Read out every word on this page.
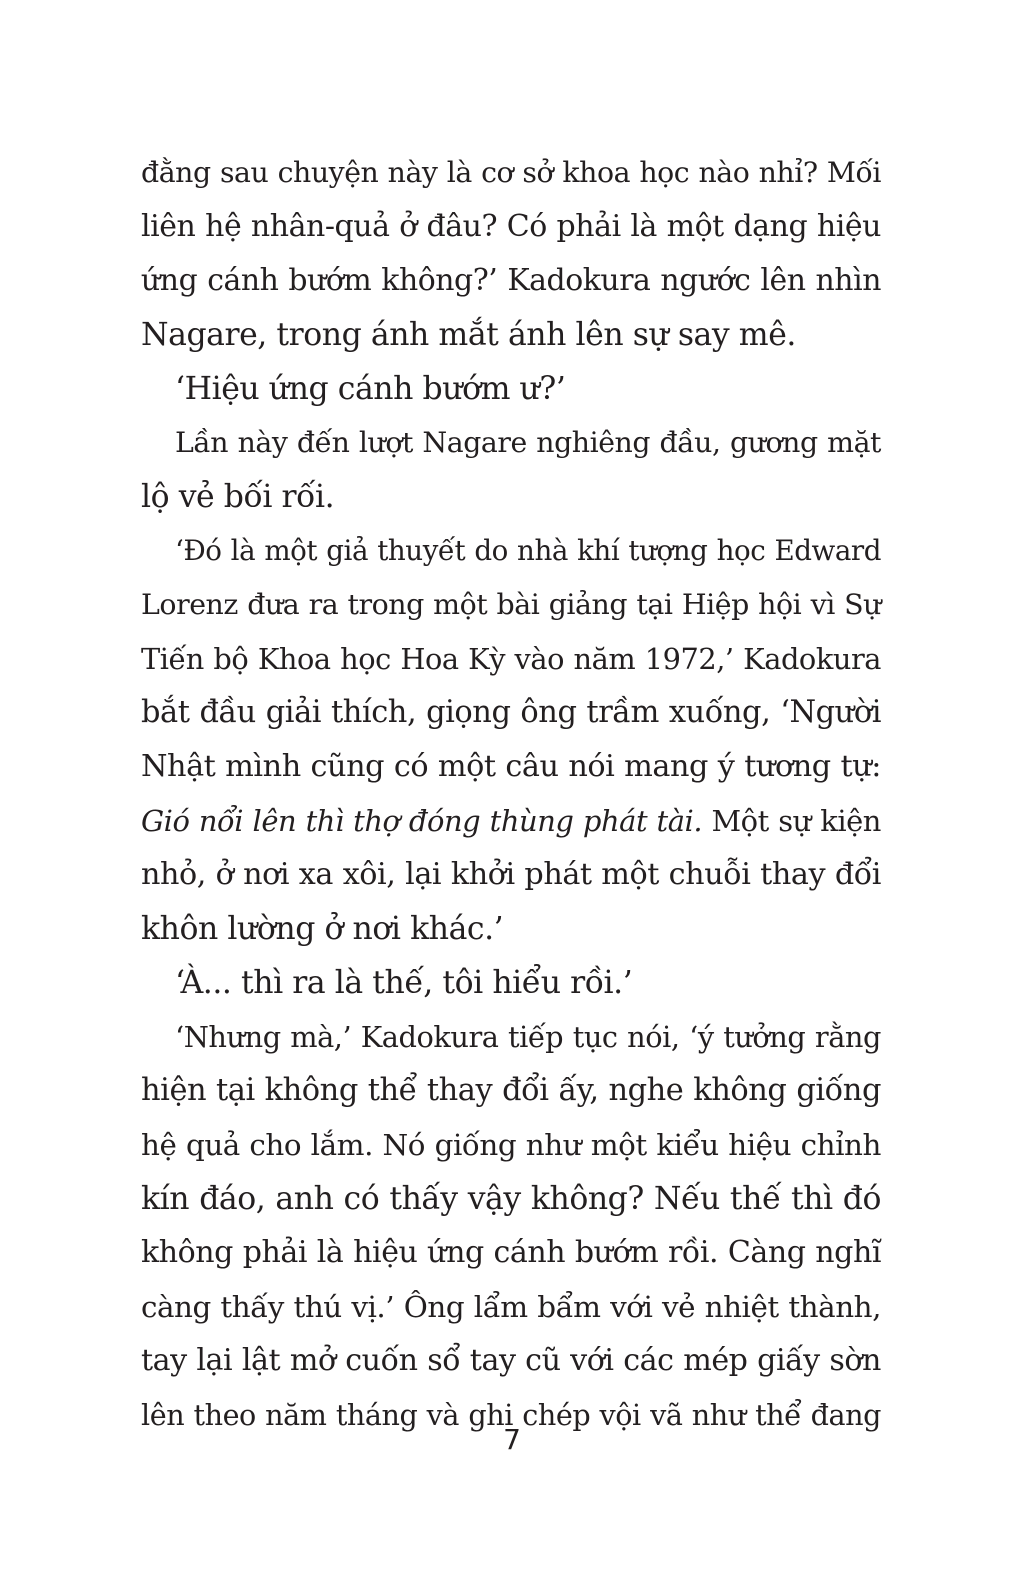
đằng sau chuyện này là cơ sở khoa học nào nhỉ? Mối
liên hệ nhân-quả ở đâu? Có phải là một dạng hiệu
ứng cánh bướm không?’ Kadokura ngước lên nhìn
Nagare, trong ánh mắt ánh lên sự say mê.
‘Hiệu ứng cánh bướm ư?’
Lần này đến lượt Nagare nghiêng đầu, gương mặt
lộ vẻ bối rối.
‘Đó là một giả thuyết do nhà khí tượng học Edward
Lorenz đưa ra trong một bài giảng tại Hiệp hội vì Sự
Tiến bộ Khoa học Hoa Kỳ vào năm 1972,’ Kadokura
bắt đầu giải thích, giọng ông trầm xuống, ‘Người
Nhật mình cũng có một câu nói mang ý tương tự:
Gió nổi lên thì thợ đóng thùng phát tài. Một sự kiện
nhỏ, ở nơi xa xôi, lại khởi phát một chuỗi thay đổi
khôn lường ở nơi khác.’
‘À... thì ra là thế, tôi hiểu rồi.’
‘Nhưng mà,’ Kadokura tiếp tục nói, ‘ý tưởng rằng
hiện tại không thể thay đổi ấy, nghe không giống
hệ quả cho lắm. Nó giống như một kiểu hiệu chỉnh
kín đáo, anh có thấy vậy không? Nếu thế thì đó
không phải là hiệu ứng cánh bướm rồi. Càng nghĩ
càng thấy thú vị.’ Ông lẩm bẩm với vẻ nhiệt thành,
tay lại lật mở cuốn sổ tay cũ với các mép giấy sờn
lên theo năm tháng và ghi chép vội vã như thể đang
7
